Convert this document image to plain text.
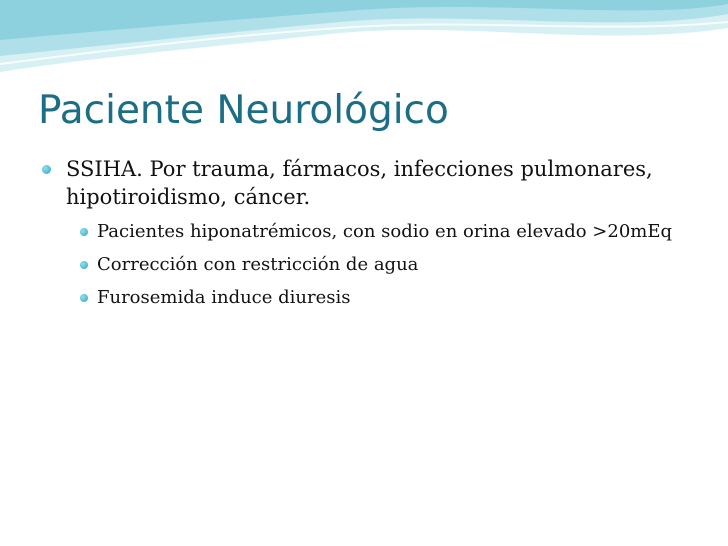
Paciente Neurológico
SSIHA. Por trauma, fármacos, infecciones pulmonares, hipotiroidismo, cáncer.
Pacientes hiponatrémicos, con sodio en orina elevado >20mEq
Corrección con restricción de agua
Furosemida induce diuresis
